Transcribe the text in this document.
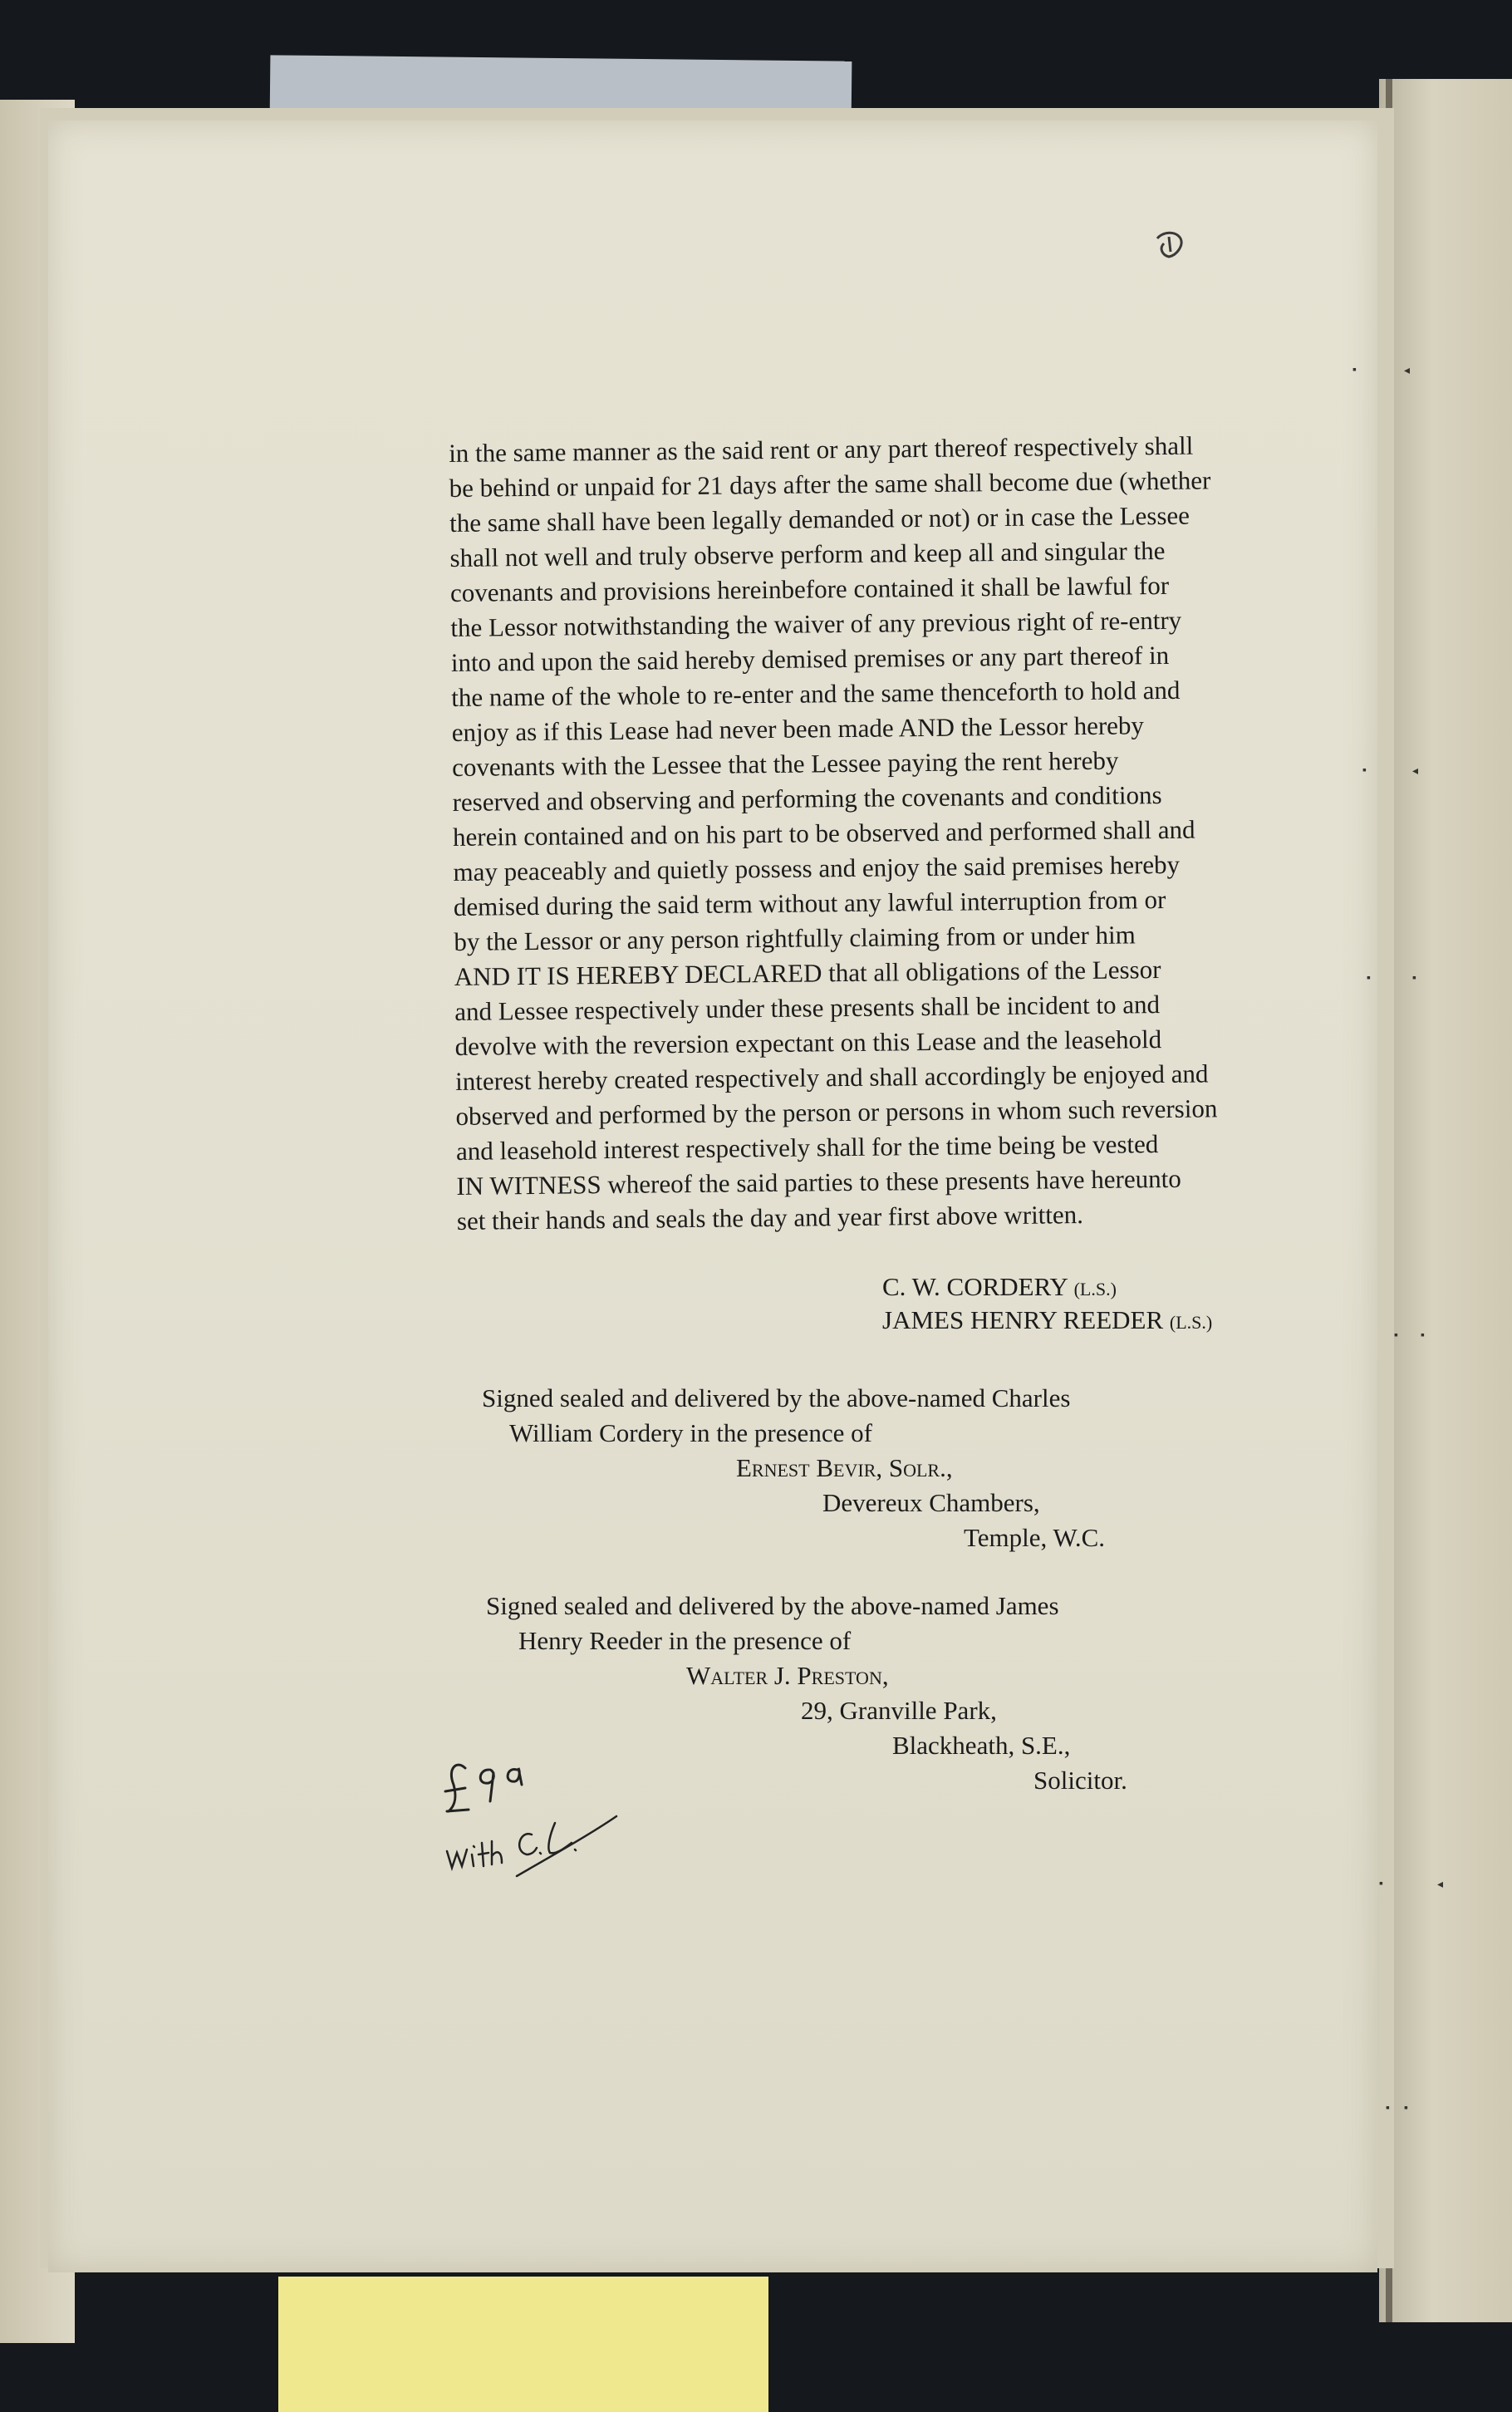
▪	◂
▪	◂
▪	▪
▪ ▪
▪	◂
▪ ▪

in the same manner as the said rent or any part thereof respectively shall

be behind or unpaid for 21 days after the same shall become due (whether

the same shall have been legally demanded or not) or in case the Lessee

shall not well and truly observe perform and keep all and singular the

covenants and provisions hereinbefore contained it shall be lawful for

the Lessor notwithstanding the waiver of any previous right of re-entry

into and upon the said hereby demised premises or any part thereof in

the name of the whole to re-enter and the same thenceforth to hold and

enjoy as if this Lease had never been made AND the Lessor hereby

covenants with the Lessee that the Lessee paying the rent hereby

reserved and observing and performing the covenants and conditions

herein contained and on his part to be observed and performed shall and

may peaceably and quietly possess and enjoy the said premises hereby

demised during the said term without any lawful interruption from or

by the Lessor or any person rightfully claiming from or under him

AND IT IS HEREBY DECLARED that all obligations of the Lessor

and Lessee respectively under these presents shall be incident to and

devolve with the reversion expectant on this Lease and the leasehold

interest hereby created respectively and shall accordingly be enjoyed and

observed and performed by the person or persons in whom such reversion

and leasehold interest respectively shall for the time being be vested

IN WITNESS whereof the said parties to these presents have hereunto

set their hands and seals the day and year first above written.

C. W. CORDERY (L.S.)
JAMES HENRY REEDER (L.S.)
Signed sealed and delivered by the above-named Charles
William Cordery in the presence of
Ernest Bevir, Solr.,
Devereux Chambers,
Temple, W.C.
Signed sealed and delivered by the above-named James
Henry Reeder in the presence of
Walter J. Preston,
29, Granville Park,
Blackheath, S.E.,
Solicitor.
